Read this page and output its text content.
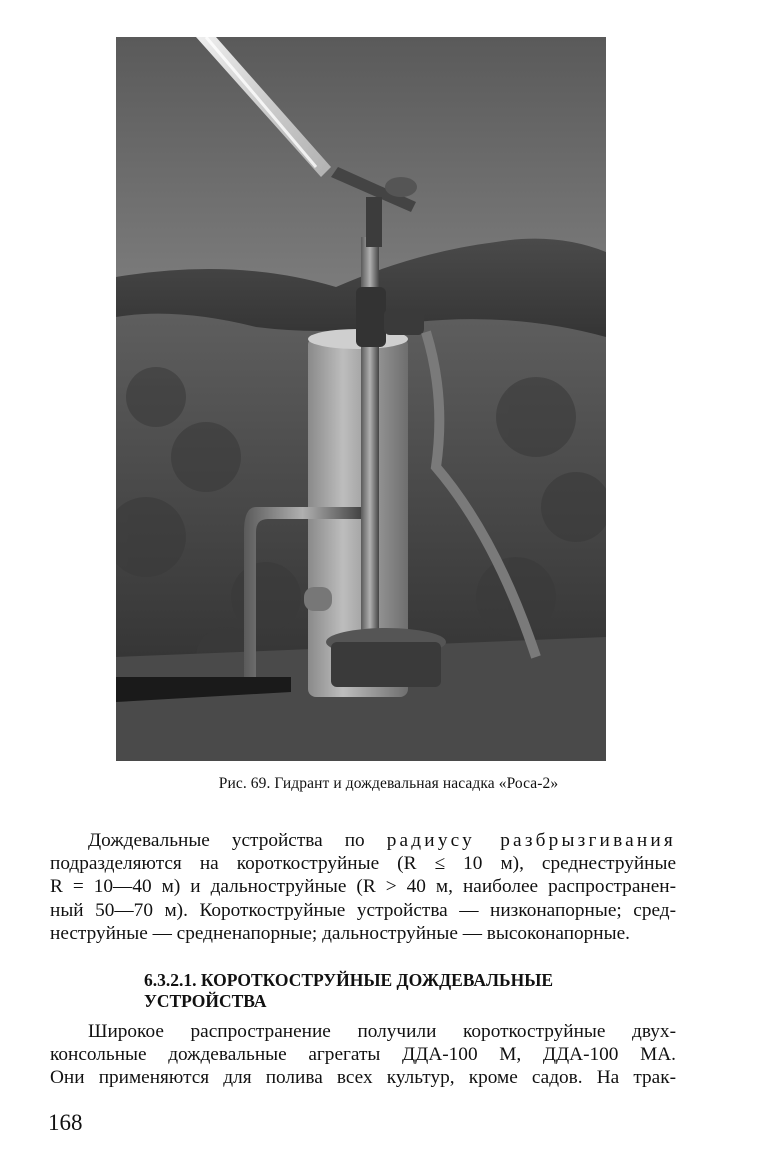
Рис. 69. Гидрант и дождевальная насадка «Роса-2»
Дождевальные устройства по радиусу разбрызгивания
подразделяются на короткоструйные (R ≤ 10 м), среднеструйные
R = 10—40 м) и дальноструйные (R > 40 м, наиболее распространен-
ный 50—70 м). Короткоструйные устройства — низконапорные; сред-
неструйные — средненапорные; дальноструйные — высоконапорные.
6.3.2.1. КОРОТКОСТРУЙНЫЕ ДОЖДЕВАЛЬНЫЕ
УСТРОЙСТВА
Широкое распространение получили короткоструйные двух-
консольные дождевальные агрегаты ДДА-100 М, ДДА-100 МА.
Они применяются для полива всех культур, кроме садов. На трак-
168
